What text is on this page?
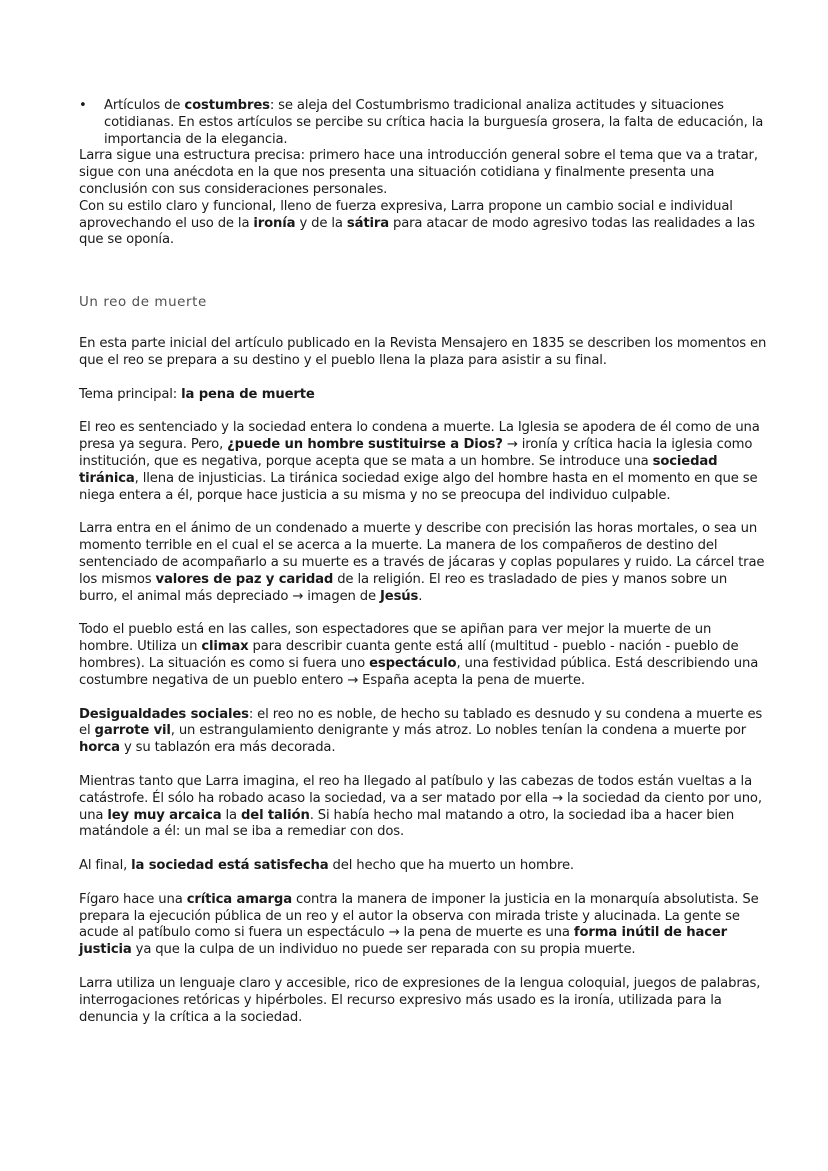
• Artículos de costumbres: se aleja del Costumbrismo tradicional analiza actitudes y situaciones cotidianas. En estos artículos se percibe su crítica hacia la burguesía grosera, la falta de educación, la importancia de la elegancia.

Larra sigue una estructura precisa: primero hace una introducción general sobre el tema que va a tratar, sigue con una anécdota en la que nos presenta una situación cotidiana y finalmente presenta una conclusión con sus consideraciones personales.

Con su estilo claro y funcional, lleno de fuerza expresiva, Larra propone un cambio social e individual aprovechando el uso de la ironía y de la sátira para atacar de modo agresivo todas las realidades a las que se oponía.

Un reo de muerte

En esta parte inicial del artículo publicado en la Revista Mensajero en 1835 se describen los momentos en que el reo se prepara a su destino y el pueblo llena la plaza para asistir a su final.

Tema principal: la pena de muerte

El reo es sentenciado y la sociedad entera lo condena a muerte. La Iglesia se apodera de él como de una presa ya segura. Pero, ¿puede un hombre sustituirse a Dios? → ironía y crítica hacia la iglesia como institución, que es negativa, porque acepta que se mata a un hombre. Se introduce una sociedad tiránica, llena de injusticias. La tiránica sociedad exige algo del hombre hasta en el momento en que se niega entera a él, porque hace justicia a su misma y no se preocupa del individuo culpable.

Larra entra en el ánimo de un condenado a muerte y describe con precisión las horas mortales, o sea un momento terrible en el cual el se acerca a la muerte. La manera de los compañeros de destino del sentenciado de acompañarlo a su muerte es a través de jácaras y coplas populares y ruido. La cárcel trae los mismos valores de paz y caridad de la religión. El reo es trasladado de pies y manos sobre un burro, el animal más depreciado → imagen de Jesús.

Todo el pueblo está en las calles, son espectadores que se apiñan para ver mejor la muerte de un hombre. Utiliza un climax para describir cuanta gente está allí (multitud - pueblo - nación - pueblo de hombres). La situación es como si fuera uno espectáculo, una festividad pública. Está describiendo una costumbre negativa de un pueblo entero → España acepta la pena de muerte.

Desigualdades sociales: el reo no es noble, de hecho su tablado es desnudo y su condena a muerte es el garrote vil, un estrangulamiento denigrante y más atroz. Lo nobles tenían la condena a muerte por horca y su tablazón era más decorada.

Mientras tanto que Larra imagina, el reo ha llegado al patíbulo y las cabezas de todos están vueltas a la catástrofe. Él sólo ha robado acaso la sociedad, va a ser matado por ella → la sociedad da ciento por uno, una ley muy arcaica la del talión. Si había hecho mal matando a otro, la sociedad iba a hacer bien matándole a él: un mal se iba a remediar con dos.

Al final, la sociedad está satisfecha del hecho que ha muerto un hombre.

Fígaro hace una crítica amarga contra la manera de imponer la justicia en la monarquía absolutista. Se prepara la ejecución pública de un reo y el autor la observa con mirada triste y alucinada. La gente se acude al patíbulo como si fuera un espectáculo → la pena de muerte es una forma inútil de hacer justicia ya que la culpa de un individuo no puede ser reparada con su propia muerte.

Larra utiliza un lenguaje claro y accesible, rico de expresiones de la lengua coloquial, juegos de palabras, interrogaciones retóricas y hipérboles. El recurso expresivo más usado es la ironía, utilizada para la denuncia y la crítica a la sociedad.
